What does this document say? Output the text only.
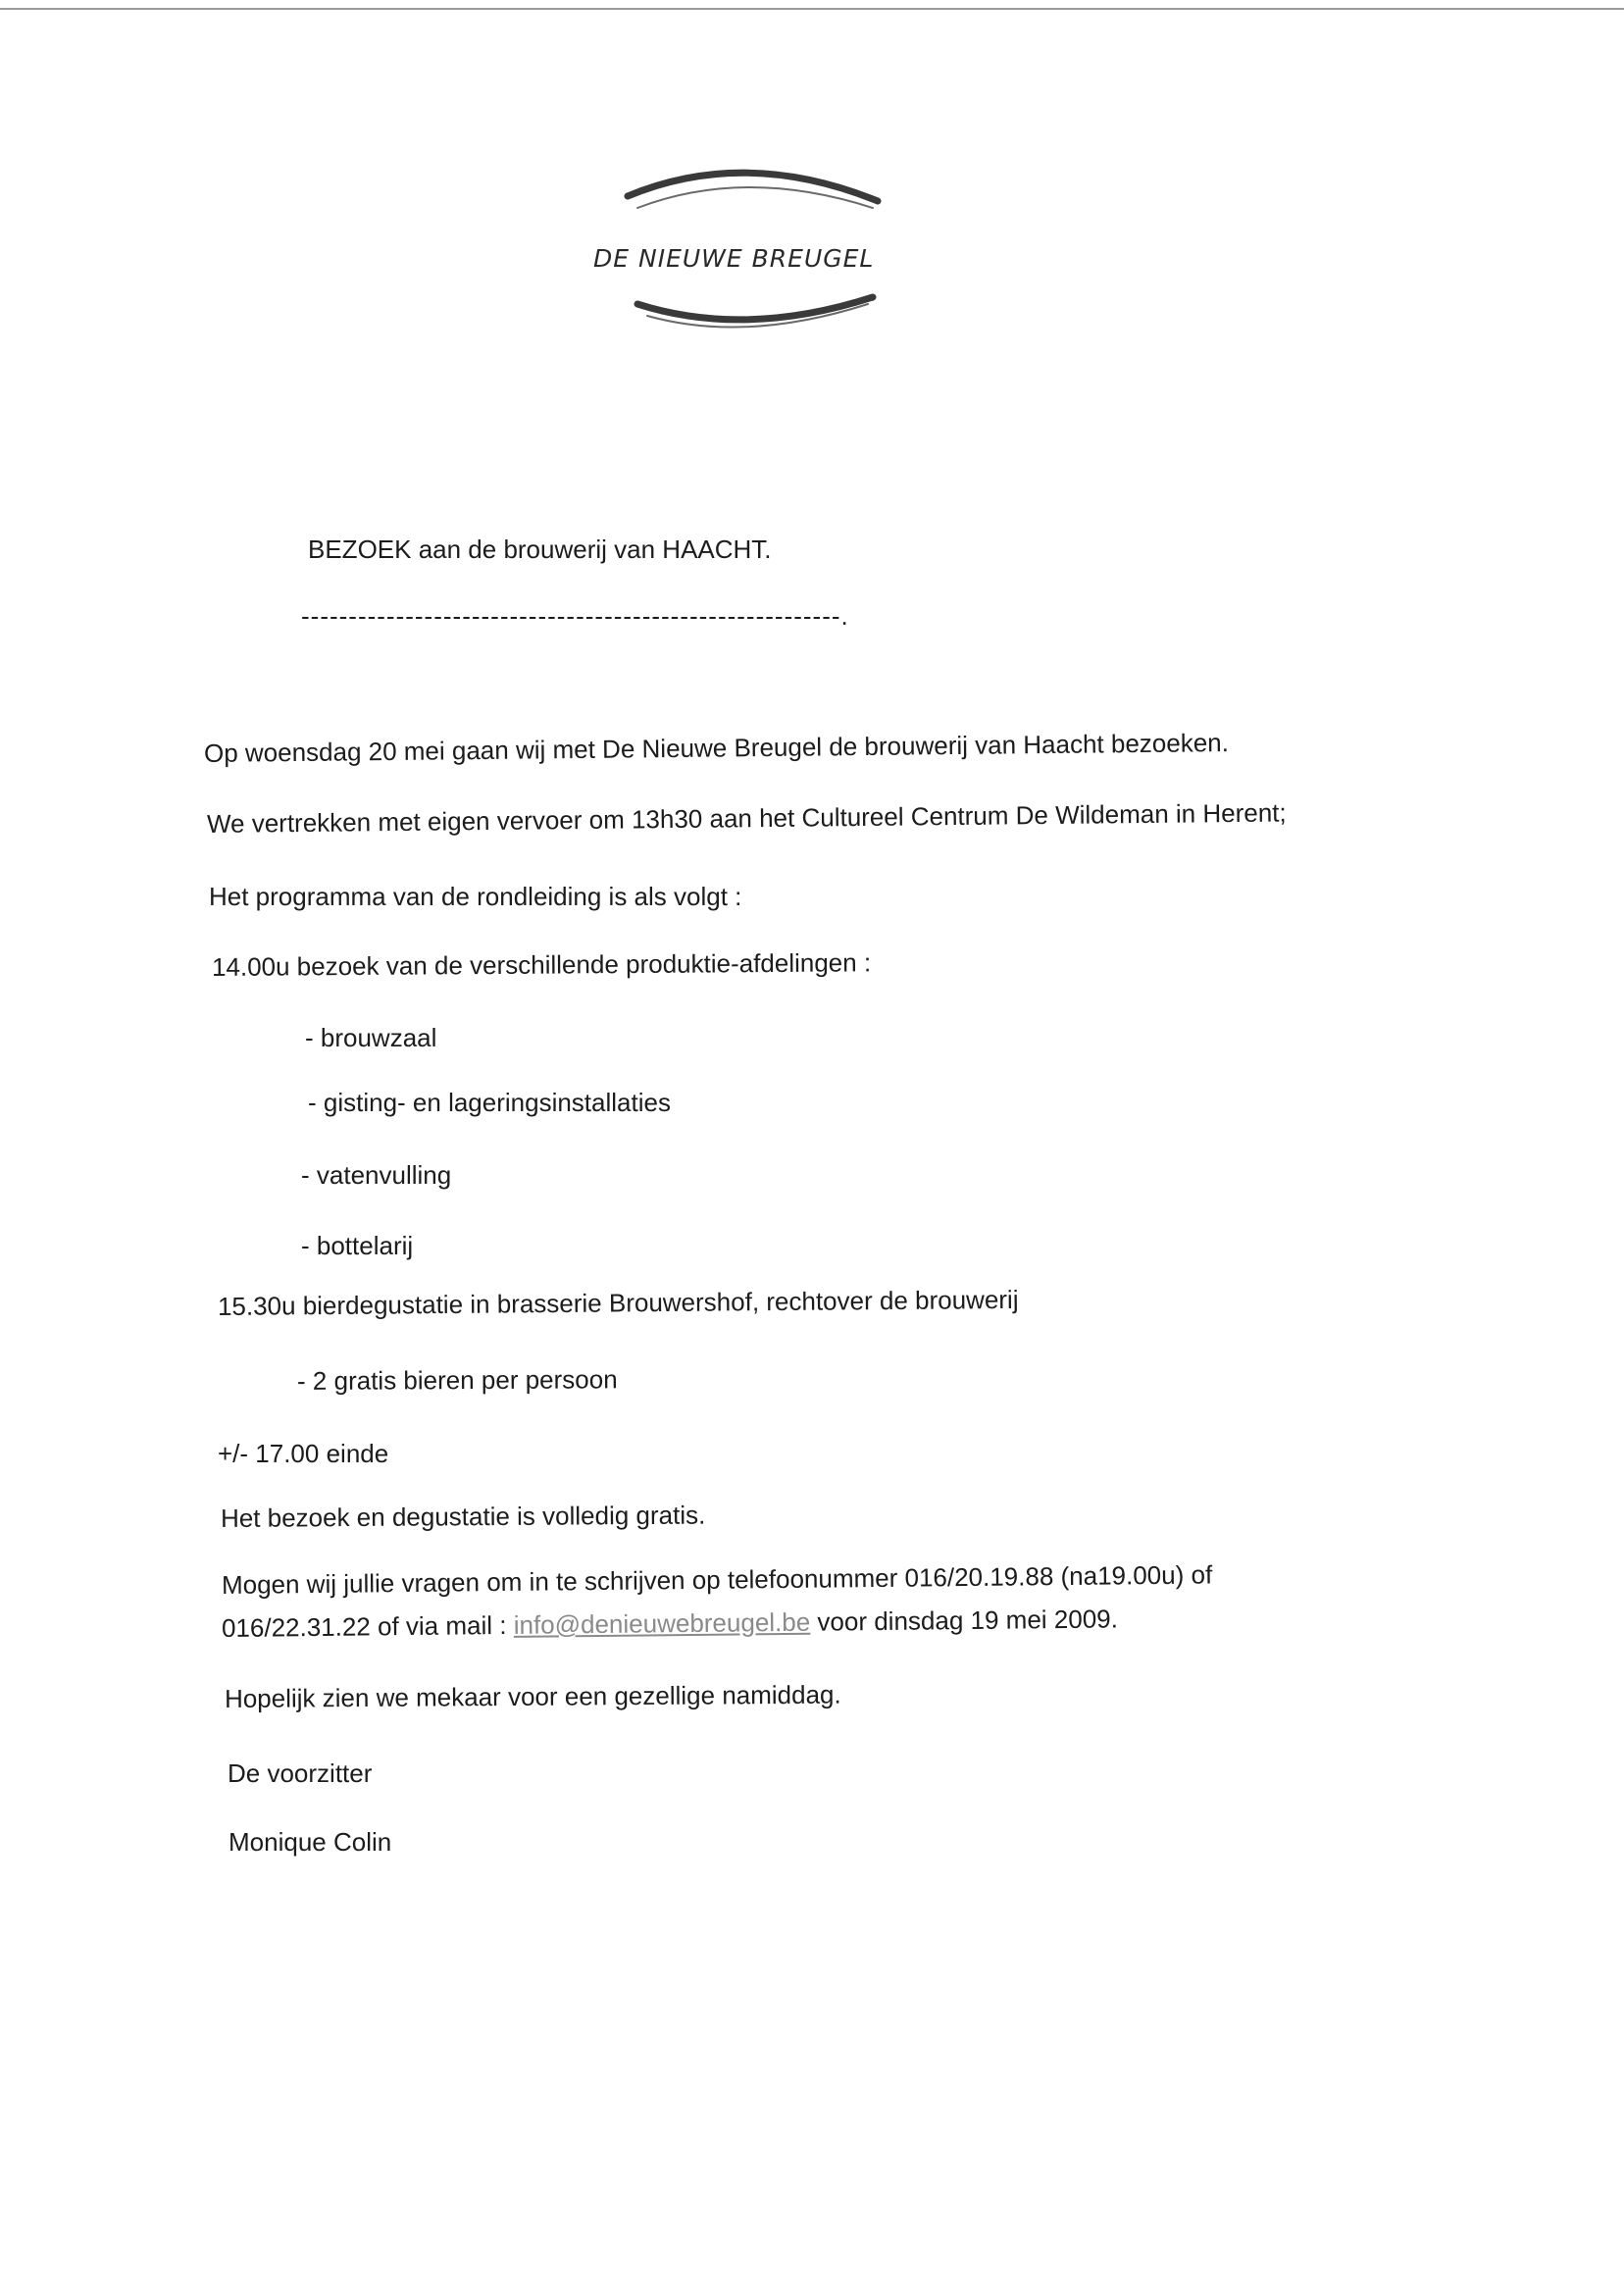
DE NIEUWE BREUGEL
BEZOEK aan de brouwerij van HAACHT.
---------------------------------------------------------.
Op woensdag 20 mei gaan wij met De Nieuwe Breugel de brouwerij van Haacht bezoeken.
We vertrekken met eigen vervoer om 13h30 aan het Cultureel Centrum De Wildeman in Herent;
Het programma van de rondleiding is als volgt :
14.00u bezoek van de verschillende produktie-afdelingen :
- brouwzaal
- gisting- en lageringsinstallaties
- vatenvulling
- bottelarij
15.30u bierdegustatie in brasserie Brouwershof, rechtover de brouwerij
- 2 gratis bieren per persoon
+/- 17.00 einde
Het bezoek en degustatie is volledig gratis.
Mogen wij jullie vragen om in te schrijven op telefoonummer 016/20.19.88 (na19.00u) of
016/22.31.22 of via mail : info@denieuwebreugel.be voor dinsdag 19 mei 2009.
Hopelijk zien we mekaar voor een gezellige namiddag.
De voorzitter
Monique Colin
